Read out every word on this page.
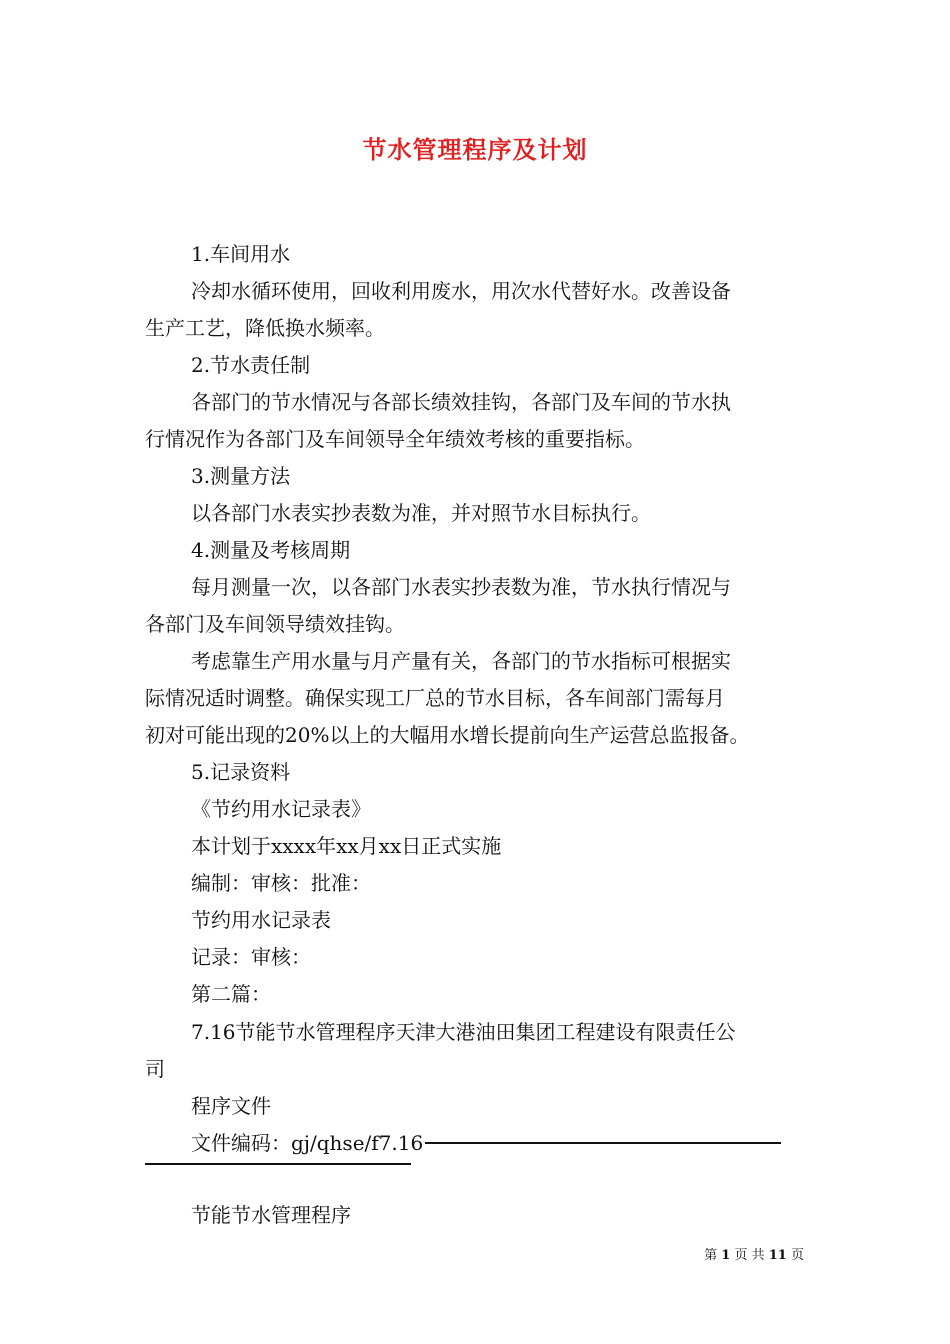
节水管理程序及计划
1.车间用水
冷却水循环使用，回收利用废水，用次水代替好水。改善设备
生产工艺，降低换水频率。
2.节水责任制
各部门的节水情况与各部长绩效挂钩，各部门及车间的节水执
行情况作为各部门及车间领导全年绩效考核的重要指标。
3.测量方法
以各部门水表实抄表数为准，并对照节水目标执行。
4.测量及考核周期
每月测量一次，以各部门水表实抄表数为准，节水执行情况与
各部门及车间领导绩效挂钩。
考虑靠生产用水量与月产量有关，各部门的节水指标可根据实
际情况适时调整。确保实现工厂总的节水目标，各车间部门需每月
初对可能出现的20%以上的大幅用水增长提前向生产运营总监报备。
5.记录资料
《节约用水记录表》
本计划于xxxx年xx月xx日正式实施
编制：审核：批准：
节约用水记录表
记录：审核：
第二篇：
7.16节能节水管理程序天津大港油田集团工程建设有限责任公
司
程序文件
文件编码：gj/qhse/f7.16
节能节水管理程序
第 1 页 共 11 页
